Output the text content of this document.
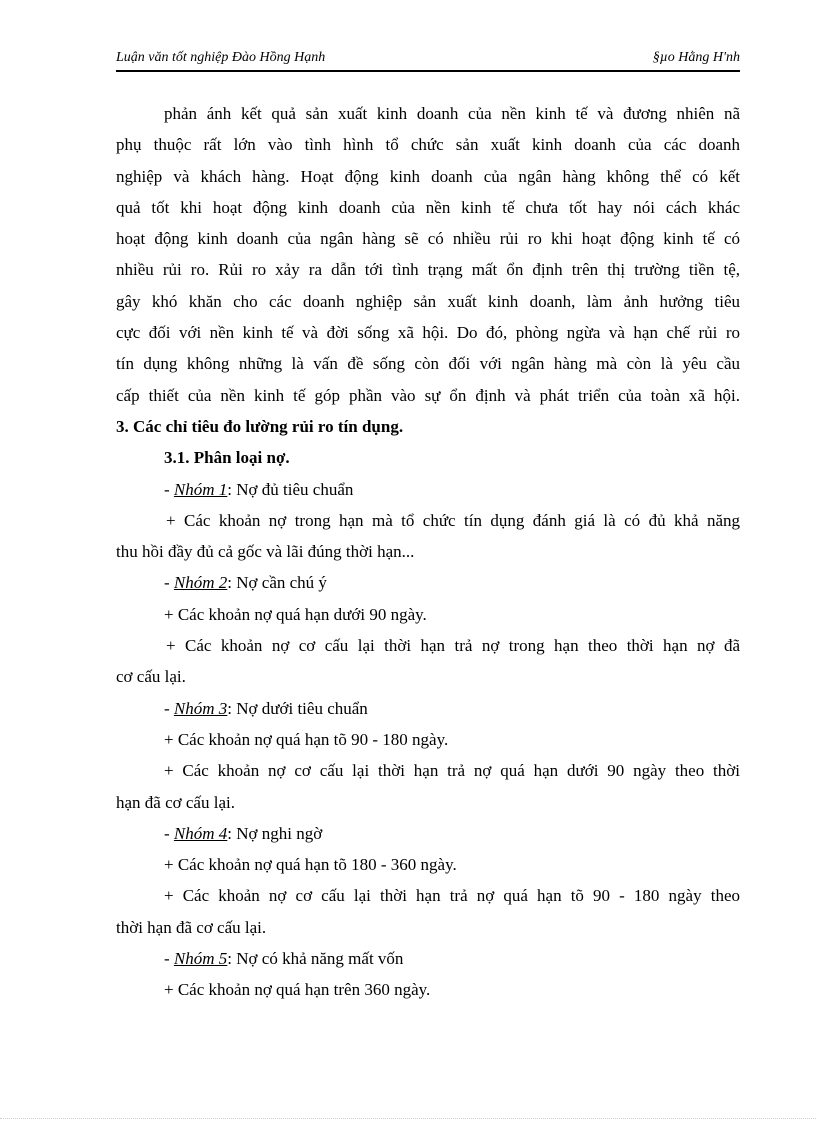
Luận văn tốt nghiệp Đào Hồng Hạnh	§µo Hằng H'nh
phản ánh kết quả sản xuất kinh doanh của nền kinh tế và đương nhiên nã
phụ thuộc rất lớn vào tình hình tổ chức sản xuất kinh doanh của các doanh
nghiệp và khách hàng. Hoạt động kinh doanh của ngân hàng không thể có kết
quả tốt khi hoạt động kinh doanh của nền kinh tế chưa tốt hay nói cách khác
hoạt động kinh doanh của ngân hàng sẽ có nhiều rủi ro khi hoạt động kinh tế có
nhiều rủi ro. Rủi ro xảy ra dẫn tới tình trạng mất ổn định trên thị trường tiền tệ,
gây khó khăn cho các doanh nghiệp sản xuất kinh doanh, làm ảnh hưởng tiêu
cực đối với nền kinh tế và đời sống xã hội. Do đó, phòng ngừa và hạn chế rủi ro
tín dụng không những là vấn đề sống còn đối với ngân hàng mà còn là yêu cầu
cấp thiết của nền kinh tế góp phần vào sự ổn định và phát triển của toàn xã hội.
3. Các chỉ tiêu đo lường rủi ro tín dụng.
3.1. Phân loại nợ.
- Nhóm 1: Nợ đủ tiêu chuẩn
+ Các khoản nợ trong hạn mà tổ chức tín dụng đánh giá là có đủ khả năng
thu hồi đầy đủ cả gốc và lãi đúng thời hạn...
- Nhóm 2: Nợ cần chú ý
+ Các khoản nợ quá hạn dưới 90 ngày.
+ Các khoản nợ cơ cấu lại thời hạn trả nợ trong hạn theo thời hạn nợ đã
cơ cấu lại.
- Nhóm 3: Nợ dưới tiêu chuẩn
+ Các khoản nợ quá hạn tõ 90 - 180 ngày.
+ Các khoản nợ cơ cấu lại thời hạn trả nợ quá hạn dưới 90 ngày theo thời
hạn đã cơ cấu lại.
- Nhóm 4: Nợ nghi ngờ
+ Các khoản nợ quá hạn tõ 180 - 360 ngày.
+ Các khoản nợ cơ cấu lại thời hạn trả nợ quá hạn tõ 90 - 180 ngày theo
thời hạn đã cơ cấu lại.
- Nhóm 5: Nợ có khả năng mất vốn
+ Các khoản nợ quá hạn trên 360 ngày.
